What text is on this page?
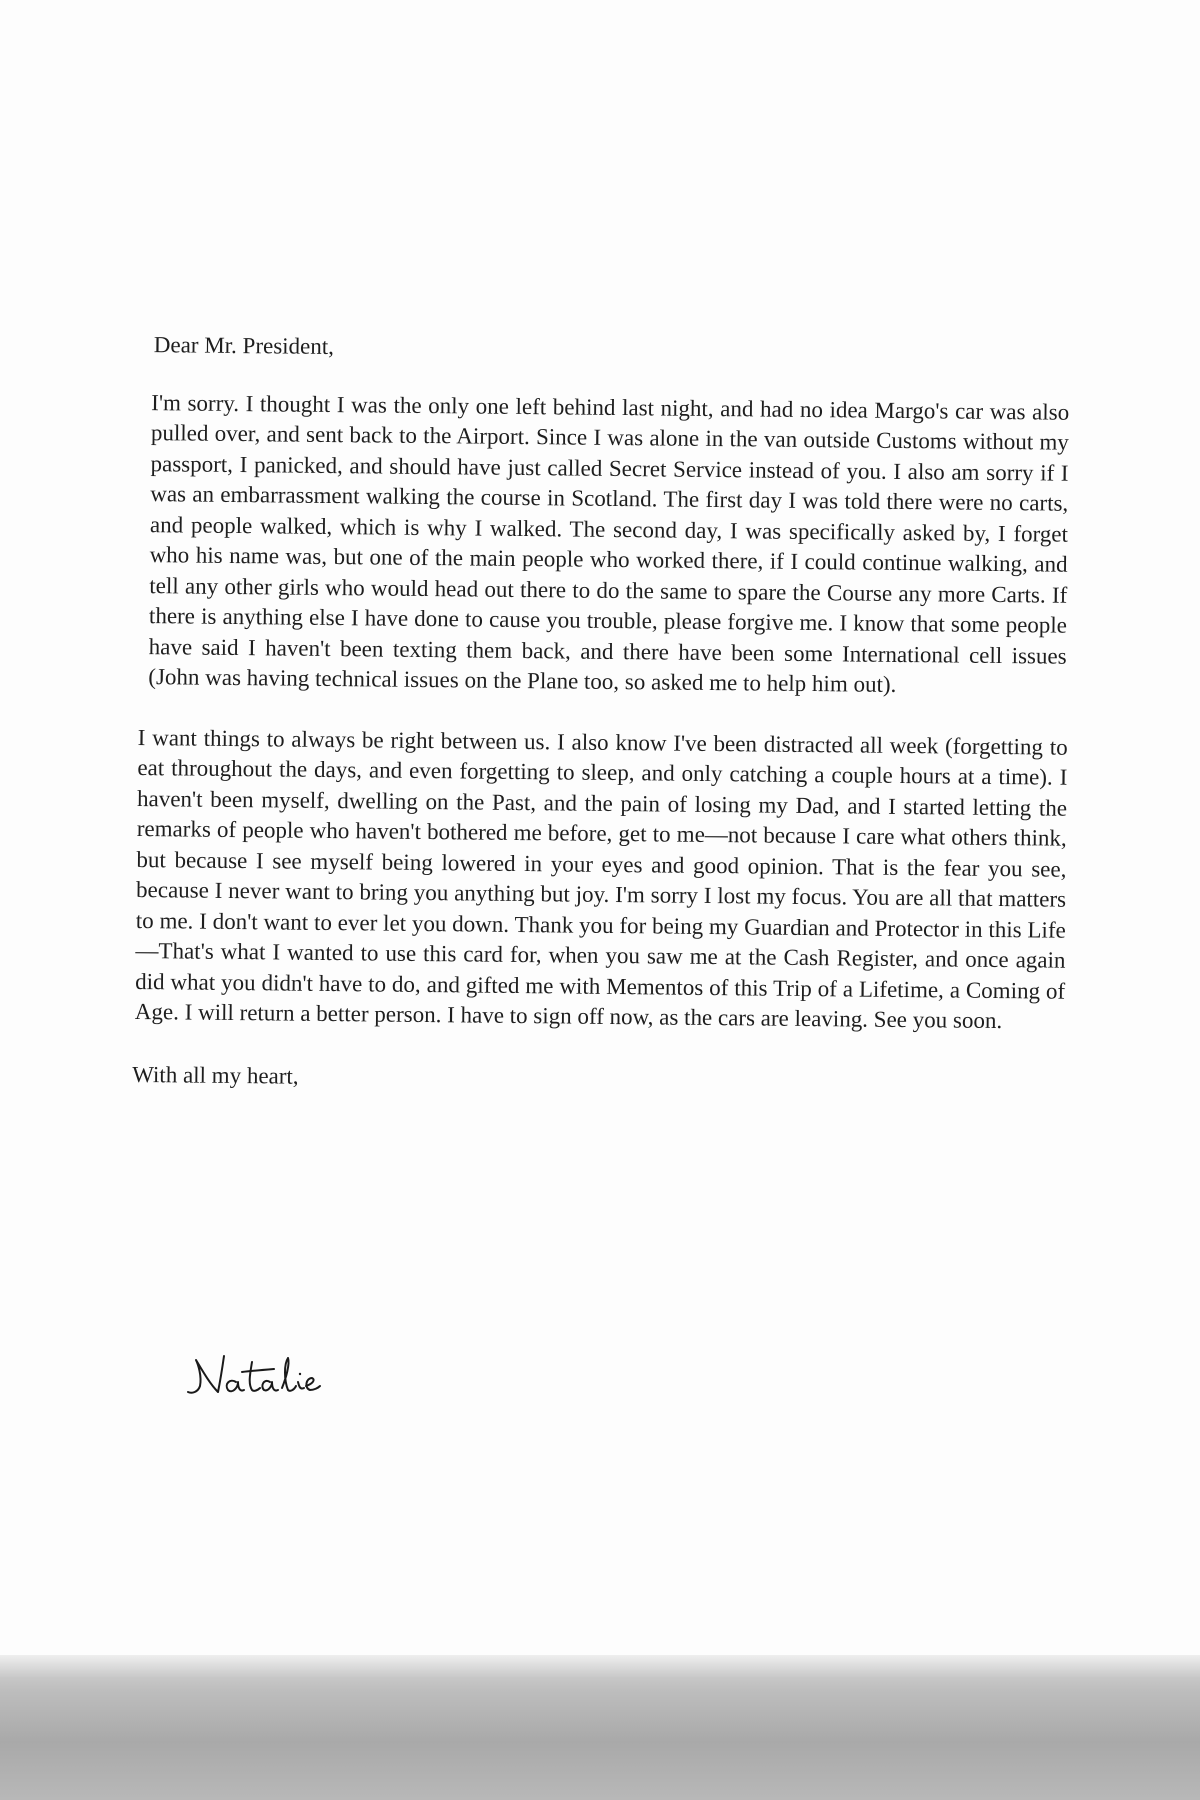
Dear Mr. President,

I'm sorry. I thought I was the only one left behind last night, and had no idea Margo's car was also pulled over, and sent back to the Airport. Since I was alone in the van outside Customs without my passport, I panicked, and should have just called Secret Service instead of you. I also am sorry if I was an embarrassment walking the course in Scotland. The first day I was told there were no carts, and people walked, which is why I walked. The second day, I was specifically asked by, I forget who his name was, but one of the main people who worked there, if I could continue walking, and tell any other girls who would head out there to do the same to spare the Course any more Carts. If there is anything else I have done to cause you trouble, please forgive me. I know that some people have said I haven't been texting them back, and there have been some International cell issues (John was having technical issues on the Plane too, so asked me to help him out).

I want things to always be right between us. I also know I've been distracted all week (forgetting to eat throughout the days, and even forgetting to sleep, and only catching a couple hours at a time). I haven't been myself, dwelling on the Past, and the pain of losing my Dad, and I started letting the remarks of people who haven't bothered me before, get to me—not because I care what others think, but because I see myself being lowered in your eyes and good opinion. That is the fear you see, because I never want to bring you anything but joy. I'm sorry I lost my focus. You are all that matters to me. I don't want to ever let you down. Thank you for being my Guardian and Protector in this Life—That's what I wanted to use this card for, when you saw me at the Cash Register, and once again did what you didn't have to do, and gifted me with Mementos of this Trip of a Lifetime, a Coming of Age. I will return a better person. I have to sign off now, as the cars are leaving. See you soon.

With all my heart,
